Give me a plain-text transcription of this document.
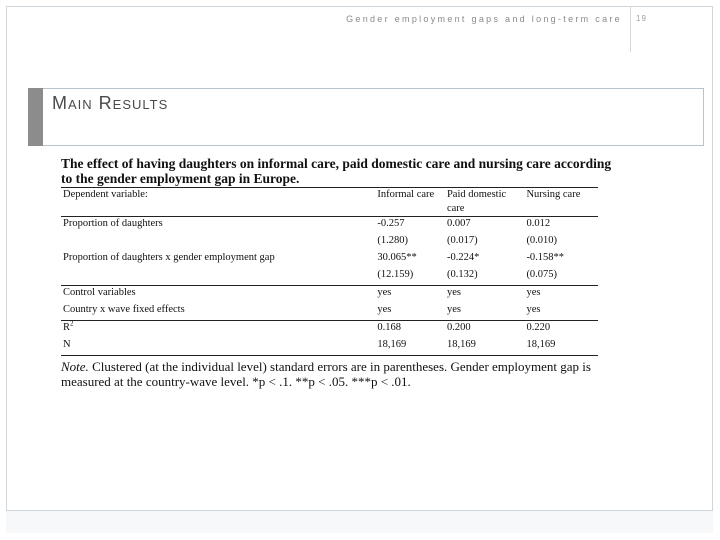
Gender employment gaps and long-term care 19
Main Results

The effect of having daughters on informal care, paid domestic care and nursing care according to the gender employment gap in Europe.

Dependent variable:	Informal care	Paid domestic care	Nursing care
Proportion of daughters	-0.257	0.007	0.012
	(1.280)	(0.017)	(0.010)
Proportion of daughters x gender employment gap	30.065**	-0.224*	-0.158**
	(12.159)	(0.132)	(0.075)
Control variables	yes	yes	yes
Country x wave fixed effects	yes	yes	yes
$R^2$	0.168	0.200	0.220
N	18,169	18,169	18,169
Note. Clustered (at the individual level) standard errors are in parentheses. Gender employment gap is measured at the country-wave level. *p < .1. **p < .05. ***p < .01.
